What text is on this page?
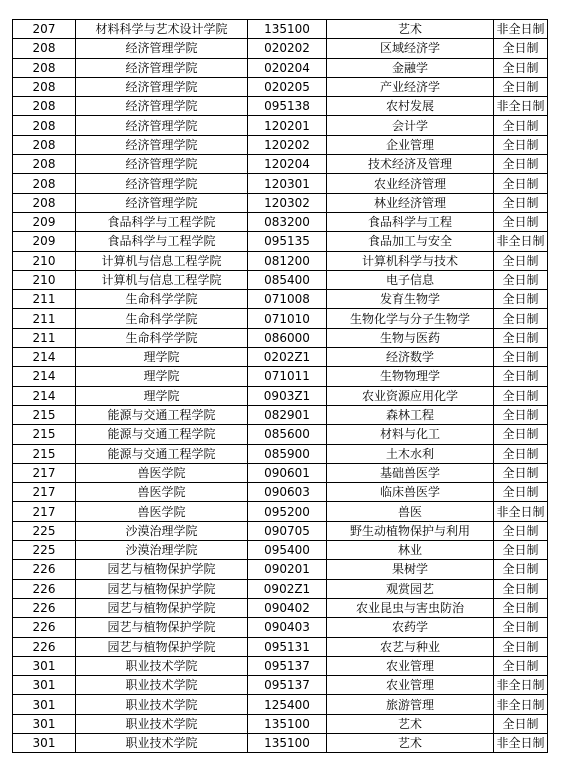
207	材料科学与艺术设计学院	135100	艺术	非全日制
208	经济管理学院	020202	区域经济学	全日制
208	经济管理学院	020204	金融学	全日制
208	经济管理学院	020205	产业经济学	全日制
208	经济管理学院	095138	农村发展	非全日制
208	经济管理学院	120201	会计学	全日制
208	经济管理学院	120202	企业管理	全日制
208	经济管理学院	120204	技术经济及管理	全日制
208	经济管理学院	120301	农业经济管理	全日制
208	经济管理学院	120302	林业经济管理	全日制
209	食品科学与工程学院	083200	食品科学与工程	全日制
209	食品科学与工程学院	095135	食品加工与安全	非全日制
210	计算机与信息工程学院	081200	计算机科学与技术	全日制
210	计算机与信息工程学院	085400	电子信息	全日制
211	生命科学学院	071008	发育生物学	全日制
211	生命科学学院	071010	生物化学与分子生物学	全日制
211	生命科学学院	086000	生物与医药	全日制
214	理学院	0202Z1	经济数学	全日制
214	理学院	071011	生物物理学	全日制
214	理学院	0903Z1	农业资源应用化学	全日制
215	能源与交通工程学院	082901	森林工程	全日制
215	能源与交通工程学院	085600	材料与化工	全日制
215	能源与交通工程学院	085900	土木水利	全日制
217	兽医学院	090601	基础兽医学	全日制
217	兽医学院	090603	临床兽医学	全日制
217	兽医学院	095200	兽医	非全日制
225	沙漠治理学院	090705	野生动植物保护与利用	全日制
225	沙漠治理学院	095400	林业	全日制
226	园艺与植物保护学院	090201	果树学	全日制
226	园艺与植物保护学院	0902Z1	观赏园艺	全日制
226	园艺与植物保护学院	090402	农业昆虫与害虫防治	全日制
226	园艺与植物保护学院	090403	农药学	全日制
226	园艺与植物保护学院	095131	农艺与种业	全日制
301	职业技术学院	095137	农业管理	全日制
301	职业技术学院	095137	农业管理	非全日制
301	职业技术学院	125400	旅游管理	非全日制
301	职业技术学院	135100	艺术	全日制
301	职业技术学院	135100	艺术	非全日制
